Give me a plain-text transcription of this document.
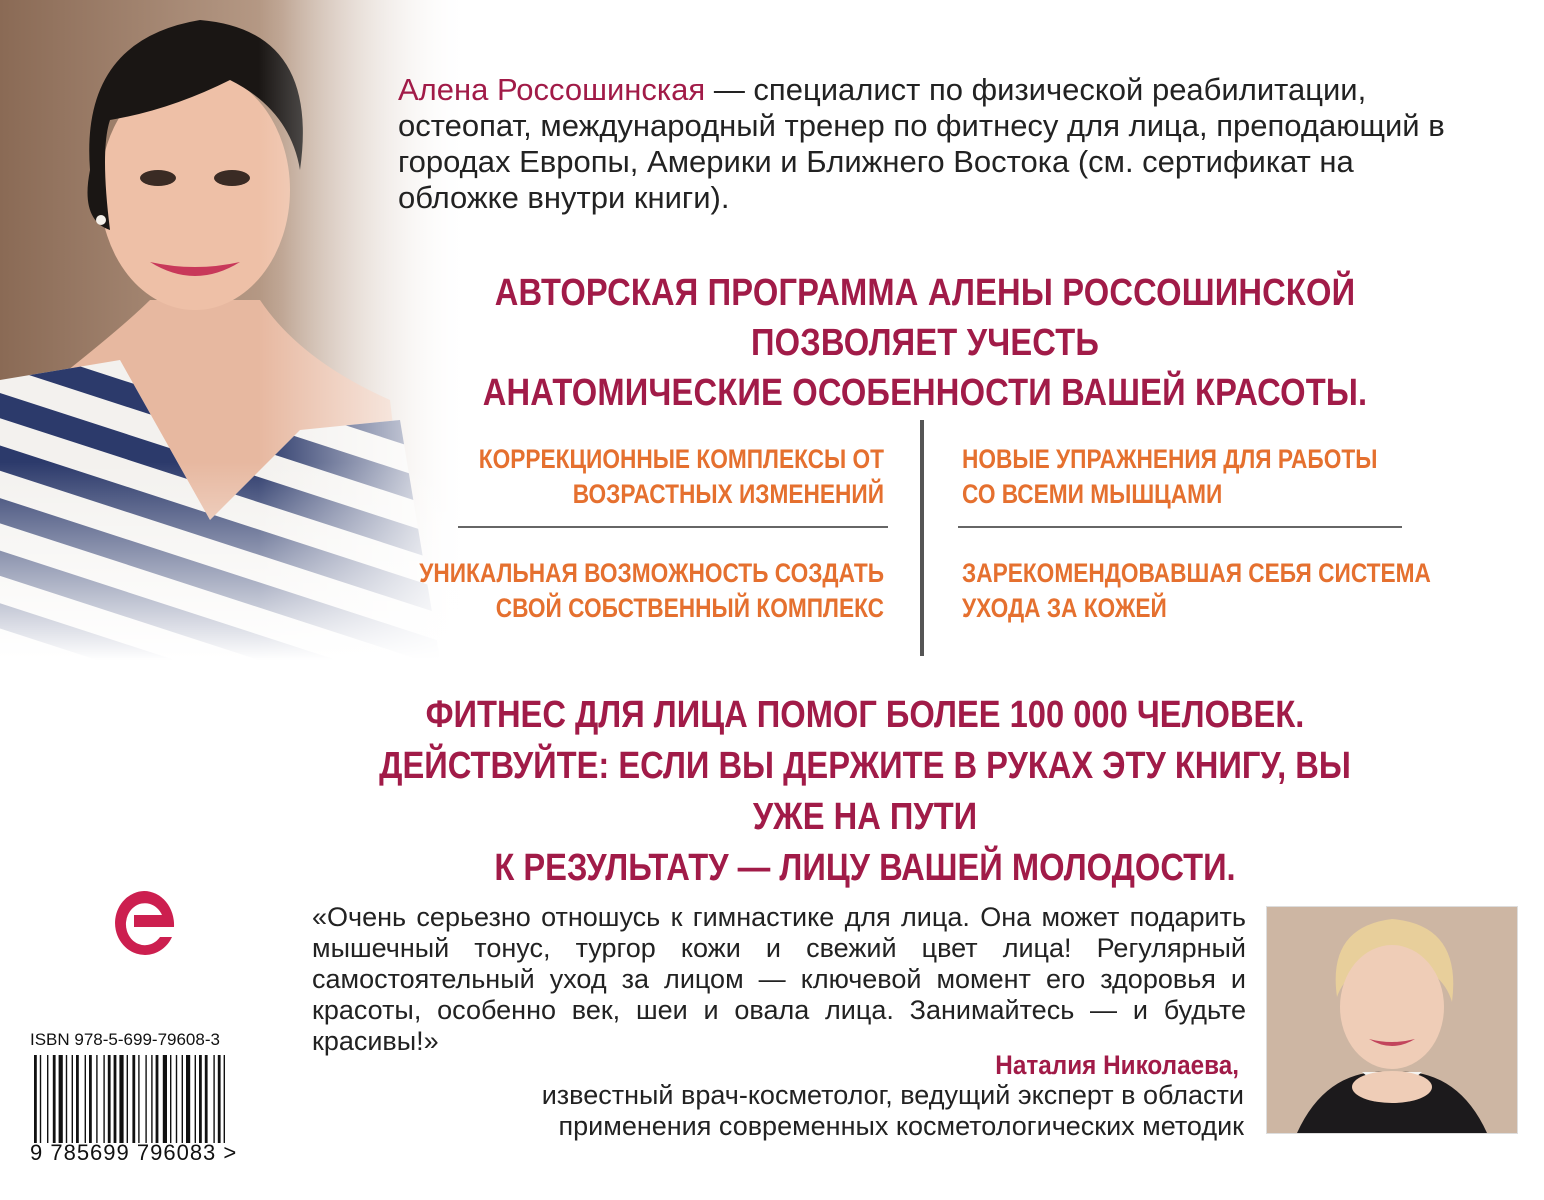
Алена Россошинская — специалист по физической реабилитации, остеопат, международный тренер по фитнесу для лица, преподающий в городах Европы, Америки и Ближнего Востока (см. сертификат на обложке внутри книги).
АВТОРСКАЯ ПРОГРАММА АЛЕНЫ РОССОШИНСКОЙ ПОЗВОЛЯЕТ УЧЕСТЬ
АНАТОМИЧЕСКИЕ ОСОБЕННОСТИ ВАШЕЙ КРАСОТЫ.
КОРРЕКЦИОННЫЕ КОМПЛЕКСЫ ОТ
ВОЗРАСТНЫХ ИЗМЕНЕНИЙ
НОВЫЕ УПРАЖНЕНИЯ ДЛЯ РАБОТЫ
СО ВСЕМИ МЫШЦАМИ
УНИКАЛЬНАЯ ВОЗМОЖНОСТЬ СОЗДАТЬ
СВОЙ СОБСТВЕННЫЙ КОМПЛЕКС
ЗАРЕКОМЕНДОВАВШАЯ СЕБЯ СИСТЕМА
УХОДА ЗА КОЖЕЙ
ФИТНЕС ДЛЯ ЛИЦА ПОМОГ БОЛЕЕ 100 000 ЧЕЛОВЕК.
ДЕЙСТВУЙТЕ: ЕСЛИ ВЫ ДЕРЖИТЕ В РУКАХ ЭТУ КНИГУ, ВЫ УЖЕ НА ПУТИ
К РЕЗУЛЬТАТУ — ЛИЦУ ВАШЕЙ МОЛОДОСТИ.
ISBN 978-5-699-79608-3
9 785699 796083 >
«Очень серьезно отношусь к гимнастике для лица. Она может подарить мышечный тонус, тургор кожи и свежий цвет лица! Регулярный самостоятельный уход за лицом — ключевой момент его здоровья и красоты, особенно век, шеи и овала лица. Занимайтесь — и будьте красивы!»
Наталия Николаева,
известный врач-косметолог, ведущий эксперт в области
применения современных косметологических методик
